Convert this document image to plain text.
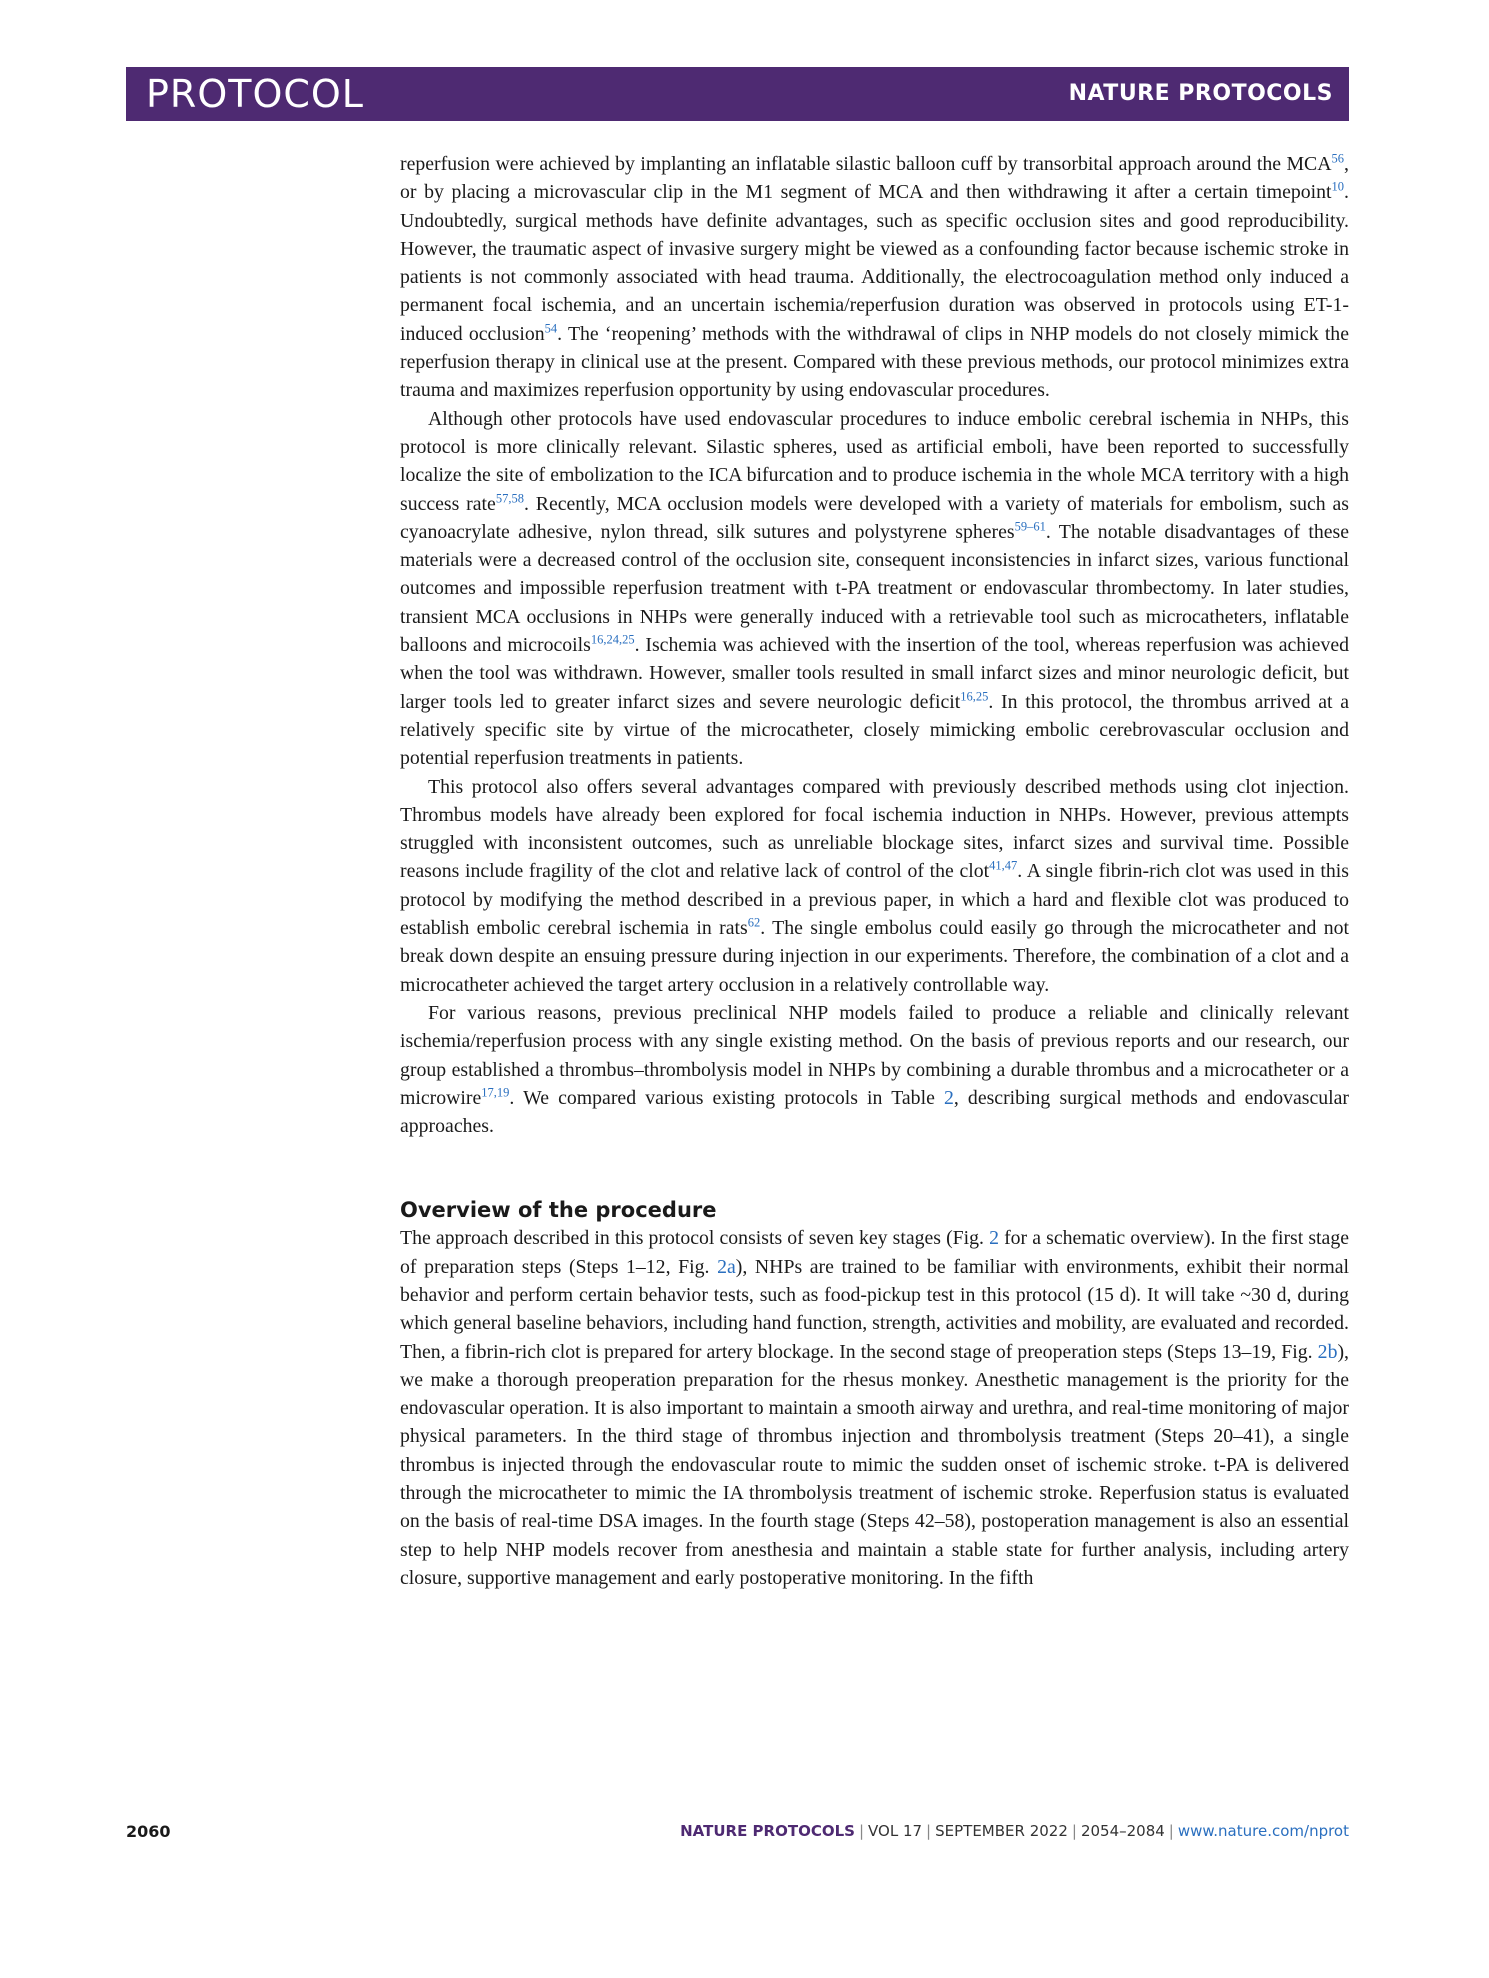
PROTOCOL	NATURE PROTOCOLS

reperfusion were achieved by implanting an inflatable silastic balloon cuff by transorbital approach around the MCA$^{56}$, or by placing a microvascular clip in the M1 segment of MCA and then withdrawing it after a certain timepoint$^{10}$. Undoubtedly, surgical methods have definite advantages, such as specific occlusion sites and good reproducibility. However, the traumatic aspect of invasive surgery might be viewed as a confounding factor because ischemic stroke in patients is not commonly associated with head trauma. Additionally, the electrocoagulation method only induced a permanent focal ischemia, and an uncertain ischemia/reperfusion duration was observed in protocols using ET-1-induced occlusion$^{54}$. The ‘reopening’ methods with the withdrawal of clips in NHP models do not closely mimick the reperfusion therapy in clinical use at the present. Compared with these previous methods, our protocol minimizes extra trauma and maximizes reperfusion opportunity by using endovascular procedures.

Although other protocols have used endovascular procedures to induce embolic cerebral ischemia in NHPs, this protocol is more clinically relevant. Silastic spheres, used as artificial emboli, have been reported to successfully localize the site of embolization to the ICA bifurcation and to produce ischemia in the whole MCA territory with a high success rate$^{57,58}$. Recently, MCA occlusion models were developed with a variety of materials for embolism, such as cyanoacrylate adhesive, nylon thread, silk sutures and polystyrene spheres$^{59-61}$. The notable disadvantages of these materials were a decreased control of the occlusion site, consequent inconsistencies in infarct sizes, various functional outcomes and impossible reperfusion treatment with t-PA treatment or endovascular thrombectomy. In later studies, transient MCA occlusions in NHPs were generally induced with a retrievable tool such as microcatheters, inflatable balloons and microcoils$^{16,24,25}$. Ischemia was achieved with the insertion of the tool, whereas reperfusion was achieved when the tool was withdrawn. However, smaller tools resulted in small infarct sizes and minor neurologic deficit, but larger tools led to greater infarct sizes and severe neurologic deficit$^{16,25}$. In this protocol, the thrombus arrived at a relatively specific site by virtue of the microcatheter, closely mimicking embolic cerebrovascular occlusion and potential reperfusion treatments in patients.

This protocol also offers several advantages compared with previously described methods using clot injection. Thrombus models have already been explored for focal ischemia induction in NHPs. However, previous attempts struggled with inconsistent outcomes, such as unreliable blockage sites, infarct sizes and survival time. Possible reasons include fragility of the clot and relative lack of control of the clot$^{41,47}$. A single fibrin-rich clot was used in this protocol by modifying the method described in a previous paper, in which a hard and flexible clot was produced to establish embolic cerebral ischemia in rats$^{62}$. The single embolus could easily go through the microcatheter and not break down despite an ensuing pressure during injection in our experiments. Therefore, the combination of a clot and a microcatheter achieved the target artery occlusion in a relatively controllable way.

For various reasons, previous preclinical NHP models failed to produce a reliable and clinically relevant ischemia/reperfusion process with any single existing method. On the basis of previous reports and our research, our group established a thrombus–thrombolysis model in NHPs by combining a durable thrombus and a microcatheter or a microwire$^{17,19}$. We compared various existing protocols in Table 2, describing surgical methods and endovascular approaches.

Overview of the procedure

The approach described in this protocol consists of seven key stages (Fig. 2 for a schematic overview). In the first stage of preparation steps (Steps 1–12, Fig. 2a), NHPs are trained to be familiar with environments, exhibit their normal behavior and perform certain behavior tests, such as food-pickup test in this protocol (15 d). It will take ~30 d, during which general baseline behaviors, including hand function, strength, activities and mobility, are evaluated and recorded. Then, a fibrin-rich clot is prepared for artery blockage. In the second stage of preoperation steps (Steps 13–19, Fig. 2b), we make a thorough preoperation preparation for the rhesus monkey. Anesthetic management is the priority for the endovascular operation. It is also important to maintain a smooth airway and urethra, and real-time monitoring of major physical parameters. In the third stage of thrombus injection and thrombolysis treatment (Steps 20–41), a single thrombus is injected through the endovascular route to mimic the sudden onset of ischemic stroke. t-PA is delivered through the microcatheter to mimic the IA thrombolysis treatment of ischemic stroke. Reperfusion status is evaluated on the basis of real-time DSA images. In the fourth stage (Steps 42–58), postoperation management is also an essential step to help NHP models recover from anesthesia and maintain a stable state for further analysis, including artery closure, supportive management and early postoperative monitoring. In the fifth

2060	NATURE PROTOCOLS | VOL 17 | SEPTEMBER 2022 | 2054–2084 | www.nature.com/nprot
